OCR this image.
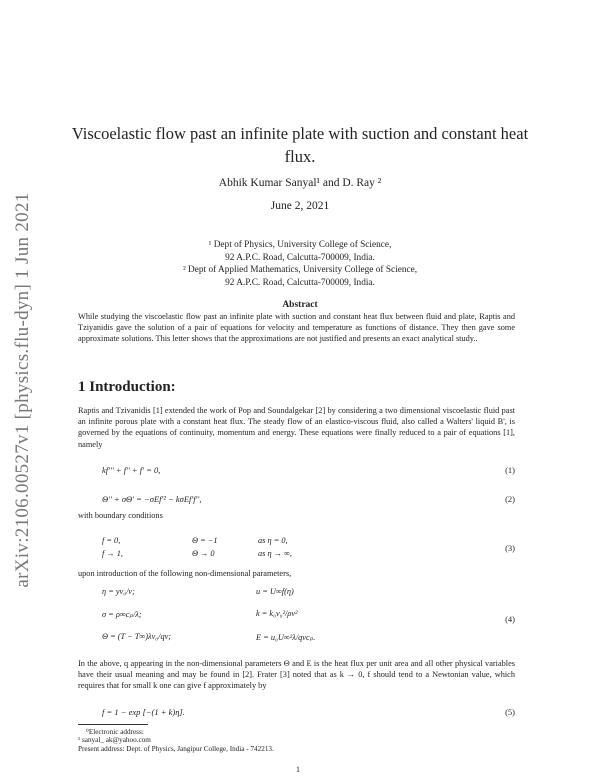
arXiv:2106.00527v1 [physics.flu-dyn] 1 Jun 2021
Viscoelastic flow past an infinite plate with suction and constant heat flux.
Abhik Kumar Sanyal¹ and D. Ray ²
June 2, 2021
¹ Dept of Physics, University College of Science,
92 A.P.C. Road, Calcutta-700009, India.
² Dept of Applied Mathematics, University College of Science,
92 A.P.C. Road, Calcutta-700009, India.
Abstract
While studying the viscoelastic flow past an infinite plate with suction and constant heat flux between fluid and plate, Raptis and Tziyanidis gave the solution of a pair of equations for velocity and temperature as functions of distance. They then gave some approximate solutions. This letter shows that the approximations are not justified and presents an exact analytical study..
1 Introduction:
Raptis and Tzivanidis [1] extended the work of Pop and Soundalgekar [2] by considering a two dimensional viscoelastic fluid past an infinite porous plate with a constant heat flux. The steady flow of an elastico-viscous fluid, also called a Walters' liquid B', is governed by the equations of continuity, momentum and energy. These equations were finally reduced to a pair of equations [1], namely
kf′′′ + f′′ + f′ = 0,	(1)
Θ′′ + σΘ′ = −σEf′² − kσEf′f′′,	(2)
with boundary conditions
f = 0,	Θ = −1	as η = 0,
f → 1,	Θ → 0	as η → ∞,
(3)
upon introduction of the following non-dimensional parameters,
η = yv₀/ν;	u = U∞f(η)
σ = ρ∞cₚ/λ;	k = k₀v₀²/ρν²
Θ = (T − T∞)λv₀/qν;	E = u₀U∞²λ/qνcₚ.
(4)
In the above, q appearing in the non-dimensional parameters Θ and E is the heat flux per unit area and all other physical variables have their usual meaning and may be found in [2]. Frater [3] noted that as k → 0, f should tend to a Newtonian value, which requires that for small k one can give f approximately by
f = 1 − exp [−(1 + k)η].	(5)
⁰Electronic address:
¹ sanyal_ ak@yahoo.com
Present address: Dept. of Physics, Jangipur College, India - 742213.
1
